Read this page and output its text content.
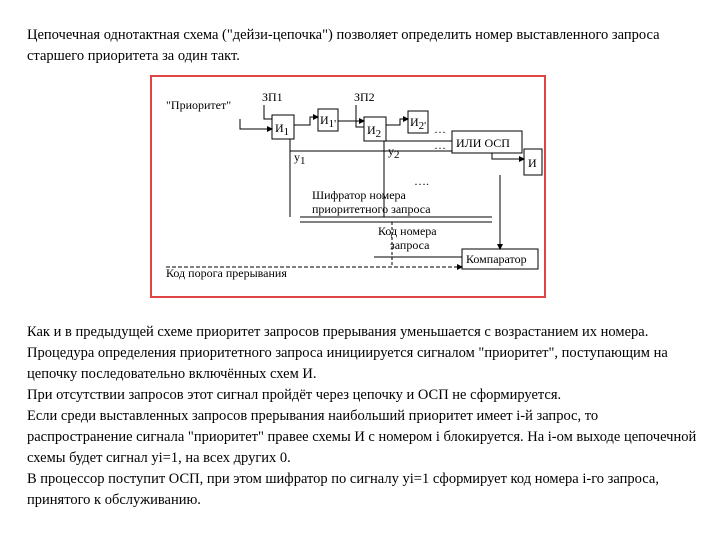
Цепочечная однотактная схема ("дейзи-цепочка") позволяет определить номер выставленного запроса старшего приоритета за один такт.
"Приоритет"
ЗП1	ЗП2
И1
И1'	И2
И2'
у1
у2
…
…
….
ИЛИ ОСП
И
Шифратор номера
приоритетного запроса
Код номера
запроса
Компаратор
Код порога прерывания

Как и в предыдущей схеме приоритет запросов прерывания уменьшается с возрастанием их номера. Процедура определения приоритетного запроса инициируется сигналом "приоритет", поступающим на цепочку последовательно включённых схем И.

При отсутствии запросов этот сигнал пройдёт через цепочку и ОСП не сформируется.

Если среди выставленных запросов прерывания наибольший приоритет имеет i-й запрос, то распространение сигнала "приоритет" правее схемы И с номером i блокируется. На i-ом выходе цепочечной схемы будет сигнал yi=1, на всех других 0.

В процессор поступит ОСП, при этом шифратор по сигналу yi=1 сформирует код номера i-го запроса, принятого к обслуживанию.
